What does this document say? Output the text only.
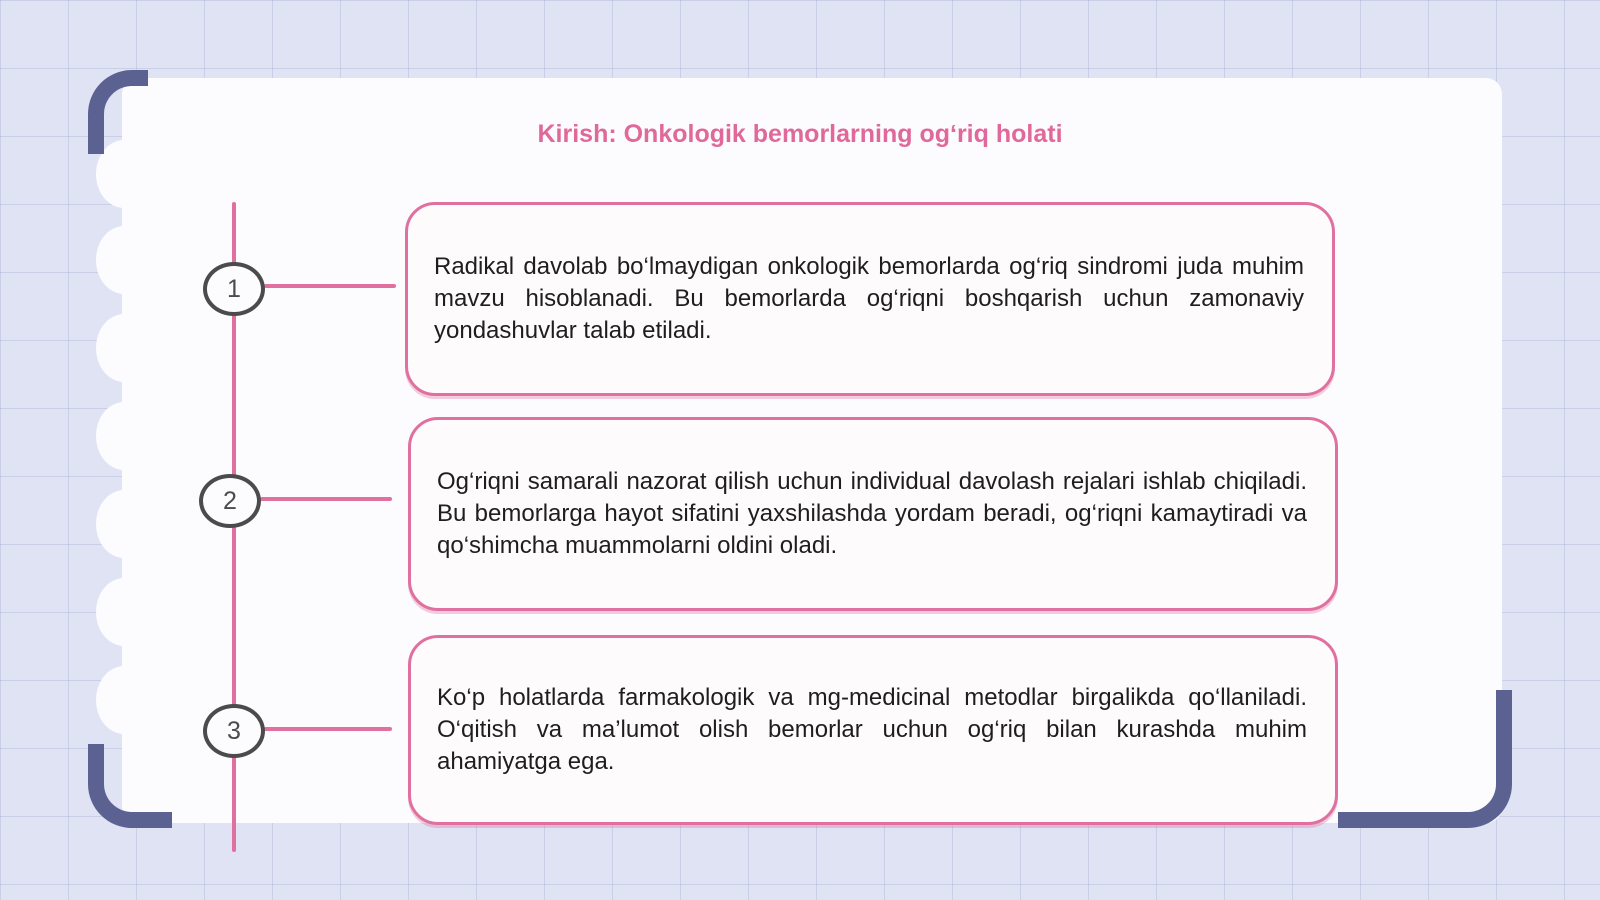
Kirish: Onkologik bemorlarning ogʻriq holati
1
2
3

Radikal davolab bo‘lmaydigan onkologik bemorlarda og‘riq sindromi juda muhim mavzu hisoblanadi. Bu bemorlarda og‘riqni boshqarish uchun zamonaviy yondashuvlar talab etiladi.

Og‘riqni samarali nazorat qilish uchun individual davolash rejalari ishlab chiqiladi. Bu bemorlarga hayot sifatini yaxshilashda yordam beradi, og‘riqni kamaytiradi va qo‘shimcha muammolarni oldini oladi.

Ko‘p holatlarda farmakologik va mg-medicinal metodlar birgalikda qo‘llaniladi. O‘qitish va ma’lumot olish bemorlar uchun og‘riq bilan kurashda muhim ahamiyatga ega.
